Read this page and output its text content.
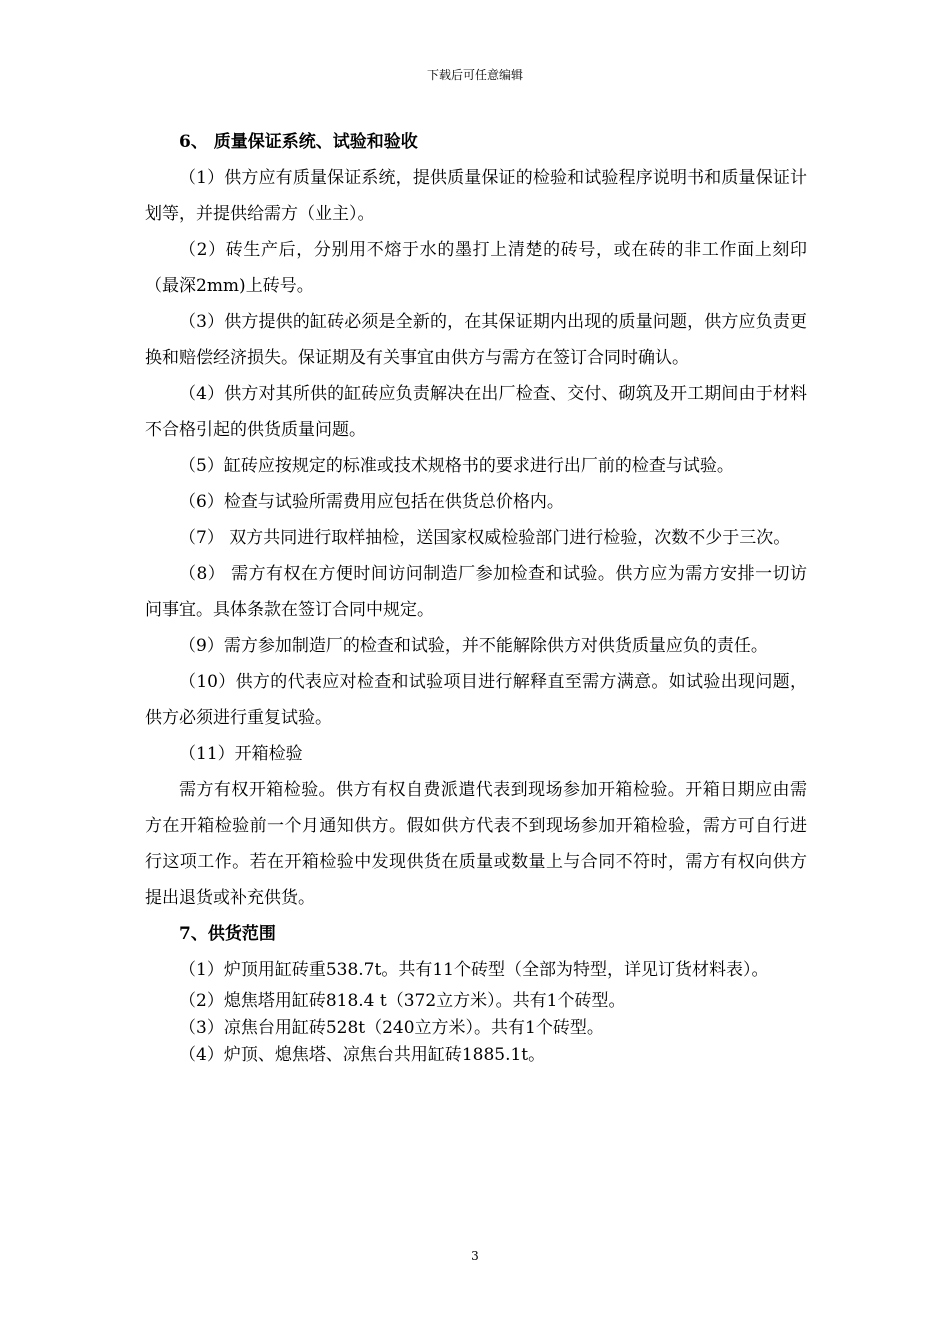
下载后可任意编辑

6、 质量保证系统、试验和验收

（1）供方应有质量保证系统，提供质量保证的检验和试验程序说明书和质量保证计划等，并提供给需方（业主）。

（2）砖生产后，分别用不熔于水的墨打上清楚的砖号，或在砖的非工作面上刻印（最深2mm)上砖号。

（3）供方提供的缸砖必须是全新的，在其保证期内出现的质量问题，供方应负责更换和赔偿经济损失。保证期及有关事宜由供方与需方在签订合同时确认。

（4）供方对其所供的缸砖应负责解决在出厂检查、交付、砌筑及开工期间由于材料不合格引起的供货质量问题。

（5）缸砖应按规定的标准或技术规格书的要求进行出厂前的检查与试验。

（6）检查与试验所需费用应包括在供货总价格内。

（7） 双方共同进行取样抽检，送国家权威检验部门进行检验，次数不少于三次。

（8） 需方有权在方便时间访问制造厂参加检查和试验。供方应为需方安排一切访问事宜。具体条款在签订合同中规定。

（9）需方参加制造厂的检查和试验，并不能解除供方对供货质量应负的责任。

（10）供方的代表应对检查和试验项目进行解释直至需方满意。如试验出现问题，供方必须进行重复试验。

（11）开箱检验

需方有权开箱检验。供方有权自费派遣代表到现场参加开箱检验。开箱日期应由需方在开箱检验前一个月通知供方。假如供方代表不到现场参加开箱检验，需方可自行进行这项工作。若在开箱检验中发现供货在质量或数量上与合同不符时，需方有权向供方提出退货或补充供货。

7、供货范围

（1）炉顶用缸砖重538.7t。共有11个砖型（全部为特型，详见订货材料表）。

（2）熄焦塔用缸砖818.4 t（372立方米）。共有1个砖型。

（3）凉焦台用缸砖528t（240立方米）。共有1个砖型。

（4）炉顶、熄焦塔、凉焦台共用缸砖1885.1t。

3
